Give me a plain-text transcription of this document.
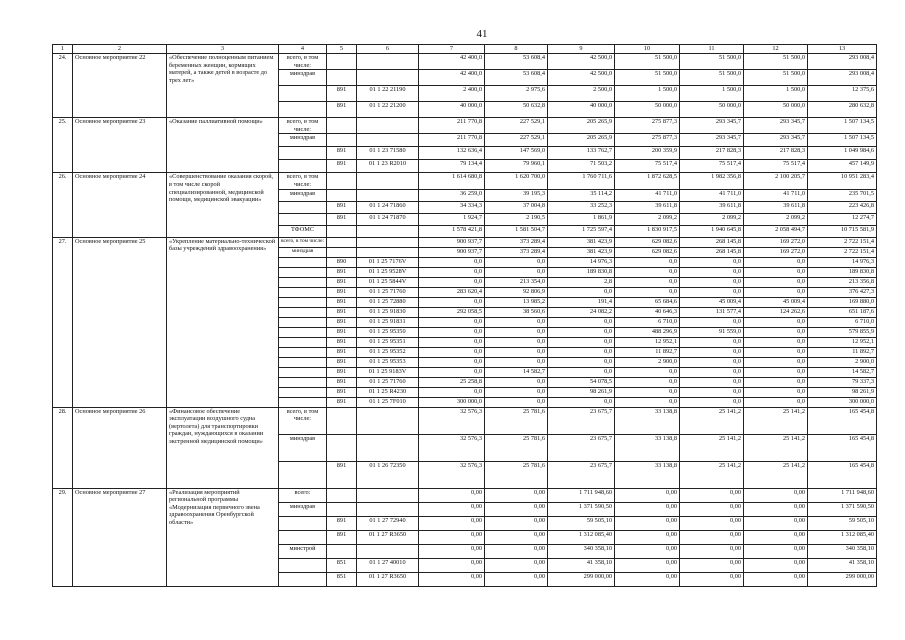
41
1	2	3	4	5	6	7	8	9	10	11	12	13
24.	Основное мероприятие 22	«Обеспечение полноценным питанием беременных женщин, кормящих матерей, а также детей в возрасте до трех лет»	всего, в том числе:			42 400,0	53 608,4	42 500,0	51 500,0	51 500,0	51 500,0	293 008,4
			минздрав			42 400,0	53 608,4	42 500,0	51 500,0	51 500,0	51 500,0	293 008,4
				891	01 1 22 21190	2 400,0	2 975,6	2 500,0	1 500,0	1 500,0	1 500,0	12 375,6
				891	01 1 22 21200	40 000,0	50 632,8	40 000,0	50 000,0	50 000,0	50 000,0	280 632,8
25.	Основное мероприятие 23	«Оказание паллиативной помощи»	всего, в том числе:			211 770,8	227 529,1	205 265,9	275 877,3	293 345,7	293 345,7	1 507 134,5
			минздрав			211 770,8	227 529,1	205 265,9	275 877,3	293 345,7	293 345,7	1 507 134,5
				891	01 1 23 71580	132 636,4	147 569,0	133 762,7	200 359,9	217 828,3	217 828,3	1 049 984,6
				891	01 1 23 R2010	79 134,4	79 960,1	71 503,2	75 517,4	75 517,4	75 517,4	457 149,9
26.	Основное мероприятие 24	«Совершенствование оказания скорой, в том числе скорой специализированной, медицинской помощи, медицинской эвакуации»	всего, в том числе:			1 614 680,8	1 620 700,0	1 760 711,6	1 872 628,5	1 982 356,8	2 100 205,7	10 951 283,4
			минздрав			36 259,0	39 195,3	35 114,2	41 711,0	41 711,0	41 711,0	235 701,5
				891	01 1 24 71860	34 334,3	37 004,8	33 252,3	39 611,8	39 611,8	39 611,8	223 426,8
				891	01 1 24 71870	1 924,7	2 190,5	1 861,9	2 099,2	2 099,2	2 099,2	12 274,7
			ТФОМС			1 578 421,8	1 581 504,7	1 725 597,4	1 830 917,5	1 940 645,8	2 058 494,7	10 715 581,9
27.	Основное мероприятие 25	«Укрепление материально-технической базы учреждений здравоохранения»	всего, в том числе:			900 937,7	373 289,4	381 423,9	629 082,6	268 145,8	169 272,0	2 722 151,4
			минздрав			900 937,7	373 289,4	381 423,9	629 082,6	268 145,8	169 272,0	2 722 151,4
				890	01 1 25 7176V	0,0	0,0	14 976,3	0,0	0,0	0,0	14 976,3
				891	01 1 25 9528V	0,0	0,0	189 830,8	0,0	0,0	0,0	189 830,8
				891	01 1 25 5844V	0,0	213 354,0	2,8	0,0	0,0	0,0	213 356,8
				891	01 1 25 71760	283 620,4	92 806,9	0,0	0,0	0,0	0,0	376 427,3
				891	01 1 25 72880	0,0	13 985,2	191,4	65 684,6	45 009,4	45 009,4	169 880,0
				891	01 1 25 91830	292 058,5	38 560,6	24 082,2	40 646,3	131 577,4	124 262,6	651 187,6
				891	01 1 25 91831	0,0	0,0	0,0	6 710,0	0,0	0,0	6 710,0
				891	01 1 25 95350	0,0	0,0	0,0	488 296,9	91 559,0	0,0	579 855,9
				891	01 1 25 95351	0,0	0,0	0,0	12 952,1	0,0	0,0	12 952,1
				891	01 1 25 95352	0,0	0,0	0,0	11 892,7	0,0	0,0	11 892,7
				891	01 1 25 95353	0,0	0,0	0,0	2 900,0	0,0	0,0	2 900,0
				891	01 1 25 9183V	0,0	14 582,7	0,0	0,0	0,0	0,0	14 582,7
				891	01 1 25 71760	25 258,8	0,0	54 078,5	0,0	0,0	0,0	79 337,3
				891	01 1 25 R4230	0,0	0,0	98 261,9	0,0	0,0	0,0	98 261,9
				891	01 1 25 7F010	300 000,0	0,0	0,0	0,0	0,0	0,0	300 000,0
28.	Основное мероприятие 26	«Финансовое обеспечение эксплуатации воздушного судна (вертолета) для транспортировки граждан, нуждающихся в оказании экстренной медицинской помощи»	всего, в том числе:			32 576,3	25 781,6	23 675,7	33 138,8	25 141,2	25 141,2	165 454,8
			минздрав			32 576,3	25 781,6	23 675,7	33 138,8	25 141,2	25 141,2	165 454,8
				891	01 1 26 72350	32 576,3	25 781,6	23 675,7	33 138,8	25 141,2	25 141,2	165 454,8
29.	Основное мероприятие 27	«Реализация мероприятий региональной программы «Модернизация первичного звена здравоохранения Оренбургской области»	всего:			0,00	0,00	1 711 948,60	0,00	0,00	0,00	1 711 948,60
			минздрав			0,00	0,00	1 371 590,50	0,00	0,00	0,00	1 371 590,50
				891	01 1 27 72940	0,00	0,00	59 505,10	0,00	0,00	0,00	59 505,10
				891	01 1 27 R3650	0,00	0,00	1 312 085,40	0,00	0,00	0,00	1 312 085,40
			минстрой			0,00	0,00	340 358,10	0,00	0,00	0,00	340 358,10
				851	01 1 27 40010	0,00	0,00	41 358,10	0,00	0,00	0,00	41 358,10
				851	01 1 27 R3650	0,00	0,00	299 000,00	0,00	0,00	0,00	299 000,00
